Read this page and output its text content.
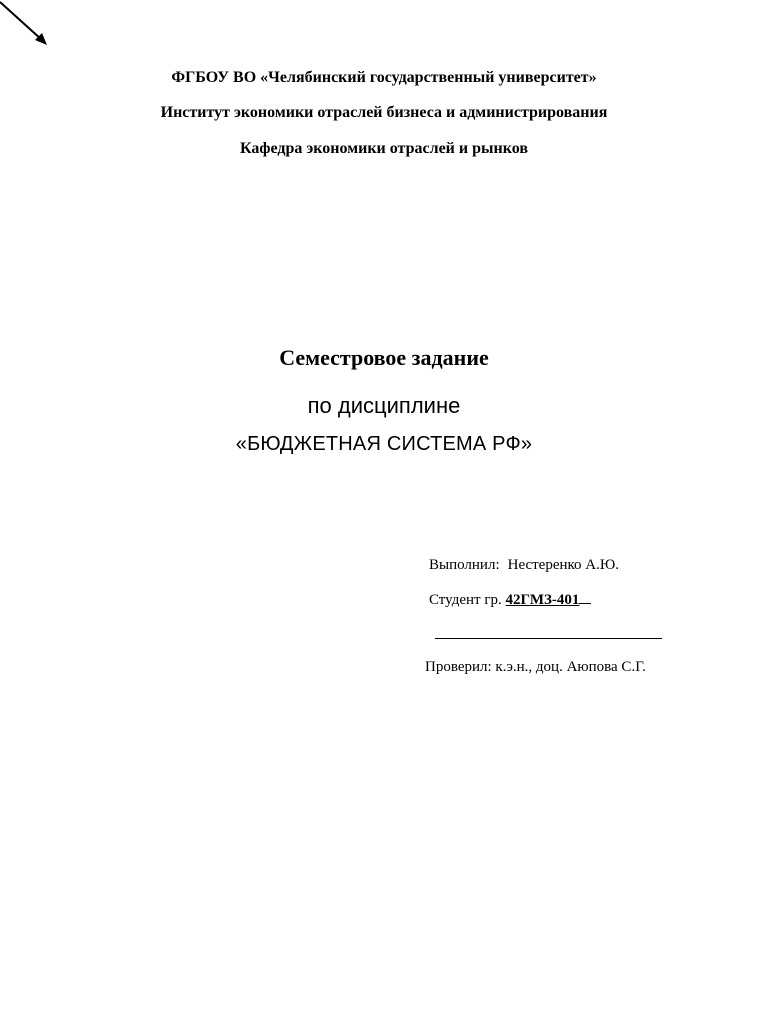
ФГБОУ ВО «Челябинский государственный университет»
Институт экономики отраслей бизнеса и администрирования
Кафедра экономики отраслей и рынков
Семестровое задание
по дисциплине
«БЮДЖЕТНАЯ СИСТЕМА РФ»
Выполнил: Нестеренко А.Ю.
Студент гр. 42ГМЗ-401
Проверил: к.э.н., доц. Аюпова С.Г.
